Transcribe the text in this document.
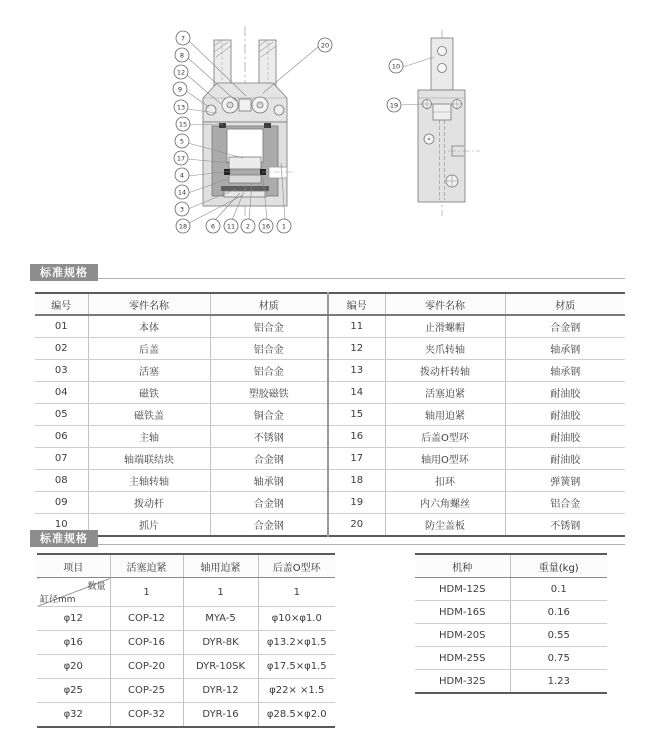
7
8
12
9
13
15
5
17
4
14
3
18	6 11 2 16 1
20
10
19
标准规格
编号	零件名称	材质	编号	零件名称	材质
01	本体	铝合金	11	止滑螺帽	合金钢
02	后盖	铝合金	12	夹爪转轴	轴承钢
03	活塞	铝合金	13	拨动杆转轴	轴承钢
04	磁铁	塑胶磁铁	14	活塞迫紧	耐油胶
05	磁铁盖	铜合金	15	轴用迫紧	耐油胶
06	主轴	不锈钢	16	后盖O型环	耐油胶
07	轴端联结块	合金钢	17	轴用O型环	耐油胶
08	主轴转轴	轴承钢	18	扣环	弹簧钢
09	拨动杆	合金钢	19	内六角螺丝	铝合金
10	抓片	合金钢	20	防尘盖板	不锈钢
标准规格
项目	活塞迫紧	轴用迫紧	后盖O型环

数量
缸径mm	1	1	1
φ12	COP-12	MYA-5	φ10×φ1.0
φ16	COP-16	DYR-8K	φ13.2×φ1.5
φ20	COP-20	DYR-10SK	φ17.5×φ1.5
φ25	COP-25	DYR-12	φ22× ×1.5
φ32	COP-32	DYR-16	φ28.5×φ2.0
机种	重量(kg)
HDM-12S	0.1
HDM-16S	0.16
HDM-20S	0.55
HDM-25S	0.75
HDM-32S	1.23
